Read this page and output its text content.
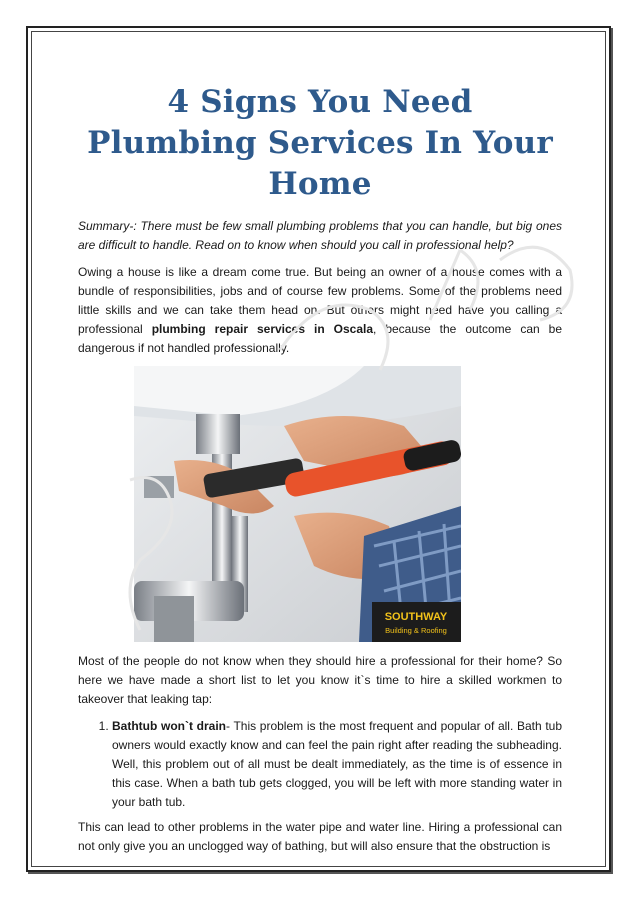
4 Signs You Need Plumbing Services In Your Home

Summary-: There must be few small plumbing problems that you can handle, but big ones are difficult to handle. Read on to know when should you call in professional help?

Owing a house is like a dream come true. But being an owner of a house comes with a bundle of responsibilities, jobs and of course few problems. Some of the problems need little skills and we can take them head on. But others might need have you calling a professional plumbing repair services in Oscala, because the outcome can be dangerous if not handled professionally.

SOUTHWAY
Building & Roofing

Most of the people do not know when they should hire a professional for their home? So here we have made a short list to let you know it`s time to hire a skilled workmen to takeover that leaking tap:

1. Bathtub won`t drain- This problem is the most frequent and popular of all. Bath tub owners would exactly know and can feel the pain right after reading the subheading. Well, this problem out of all must be dealt immediately, as the time is of essence in this case. When a bath tub gets clogged, you will be left with more standing water in your bath tub.

This can lead to other problems in the water pipe and water line. Hiring a professional can not only give you an unclogged way of bathing, but will also ensure that the obstruction is
